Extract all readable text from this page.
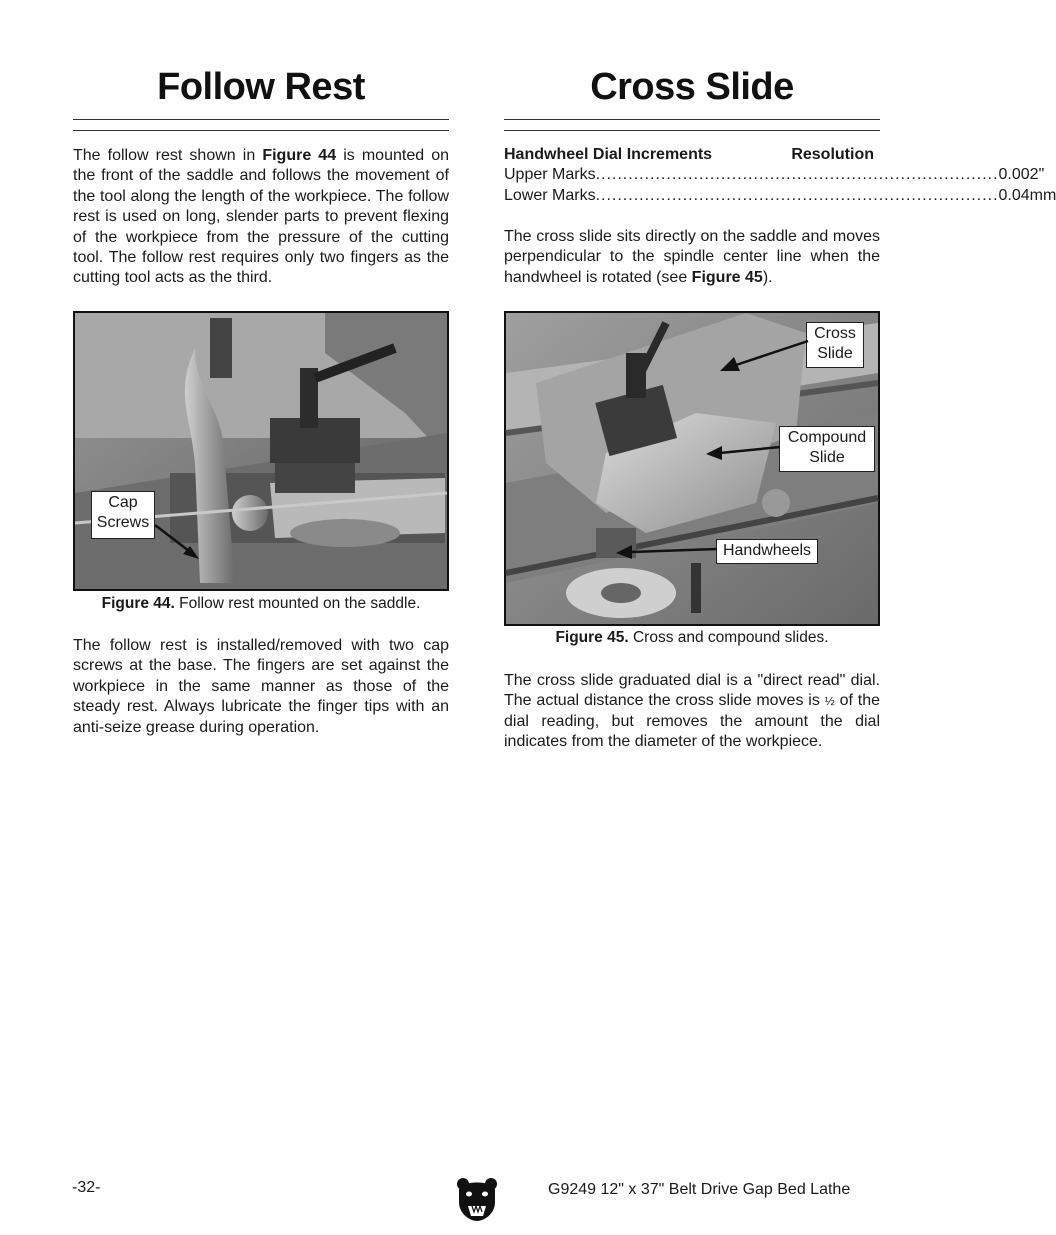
Follow Rest

The follow rest shown in Figure 44 is mounted on the front of the saddle and follows the movement of the tool along the length of the workpiece. The follow rest is used on long, slender parts to prevent flexing of the workpiece from the pressure of the cutting tool. The follow rest requires only two fingers as the cutting tool acts as the third.

Cap
Screws
Figure 44. Follow rest mounted on the saddle.

The follow rest is installed/removed with two cap screws at the base. The fingers are set against the workpiece in the same manner as those of the steady rest. Always lubricate the finger tips with an anti-seize grease during operation.

Cross Slide
Handwheel Dial Increments	Resolution
Upper Marks .......................................................................... 0.002"
Lower Marks .......................................................................... 0.04mm

The cross slide sits directly on the saddle and moves perpendicular to the spindle center line when the handwheel is rotated (see Figure 45).

Cross
Slide
Compound
Slide
Handwheels
Figure 45. Cross and compound slides.

The cross slide graduated dial is a "direct read" dial. The actual distance the cross slide moves is ½ of the dial reading, but removes the amount the dial indicates from the diameter of the workpiece.

-32-	G9249 12" x 37" Belt Drive Gap Bed Lathe
